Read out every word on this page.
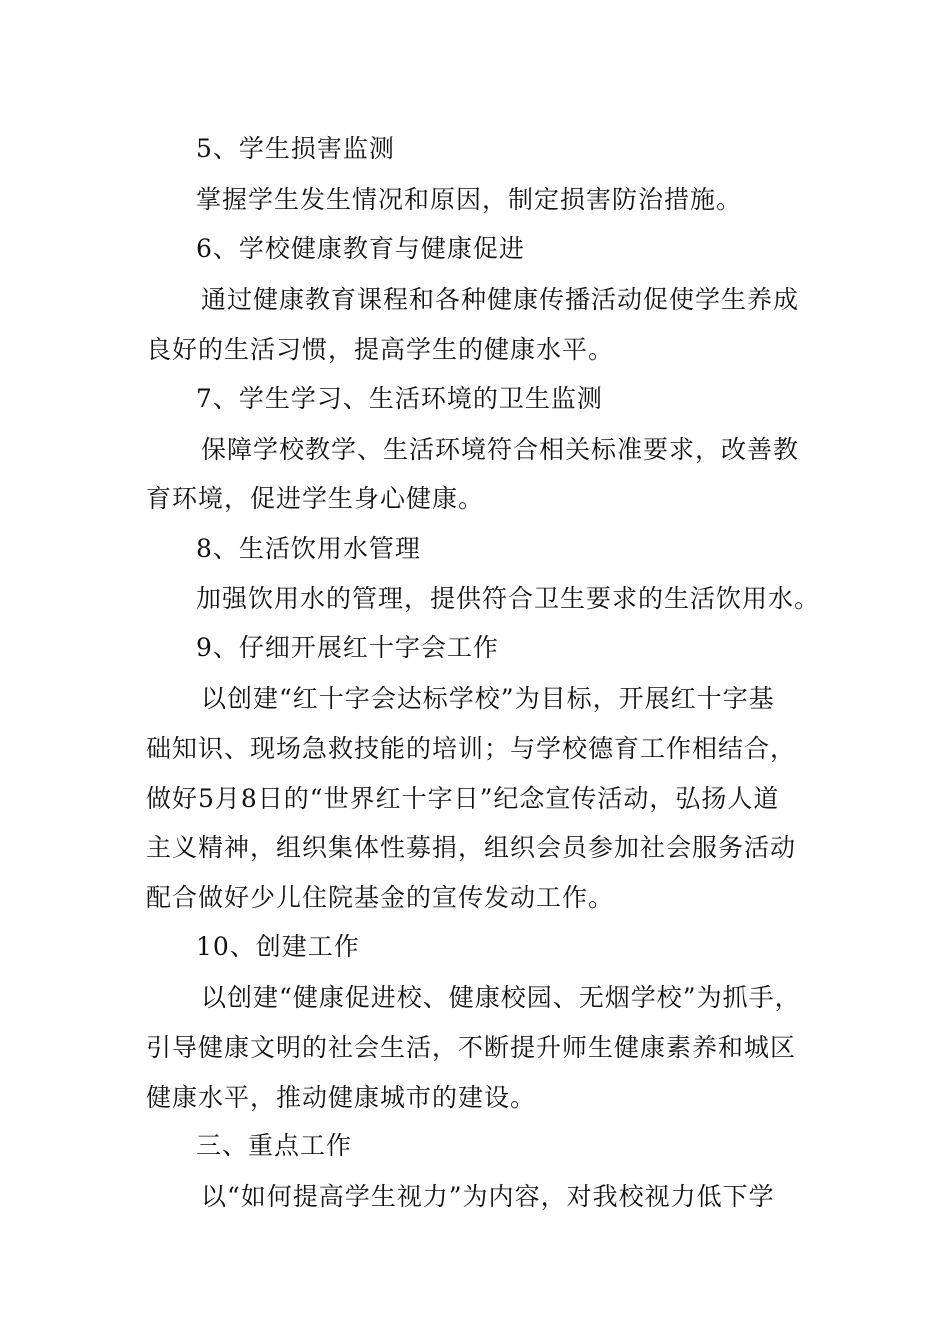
5、学生损害监测
掌握学生发生情况和原因，制定损害防治措施。
6、学校健康教育与健康促进
通过健康教育课程和各种健康传播活动促使学生养成
良好的生活习惯，提高学生的健康水平。
7、学生学习、生活环境的卫生监测
保障学校教学、生活环境符合相关标准要求，改善教
育环境，促进学生身心健康。
8、生活饮用水管理
加强饮用水的管理，提供符合卫生要求的生活饮用水。
9、仔细开展红十字会工作
以创建“红十字会达标学校”为目标，开展红十字基
础知识、现场急救技能的培训；与学校德育工作相结合，
做好5月8日的“世界红十字日”纪念宣传活动，弘扬人道
主义精神，组织集体性募捐，组织会员参加社会服务活动
配合做好少儿住院基金的宣传发动工作。
10、创建工作
以创建“健康促进校、健康校园、无烟学校”为抓手，
引导健康文明的社会生活，不断提升师生健康素养和城区
健康水平，推动健康城市的建设。
三、重点工作
以“如何提高学生视力”为内容，对我校视力低下学
